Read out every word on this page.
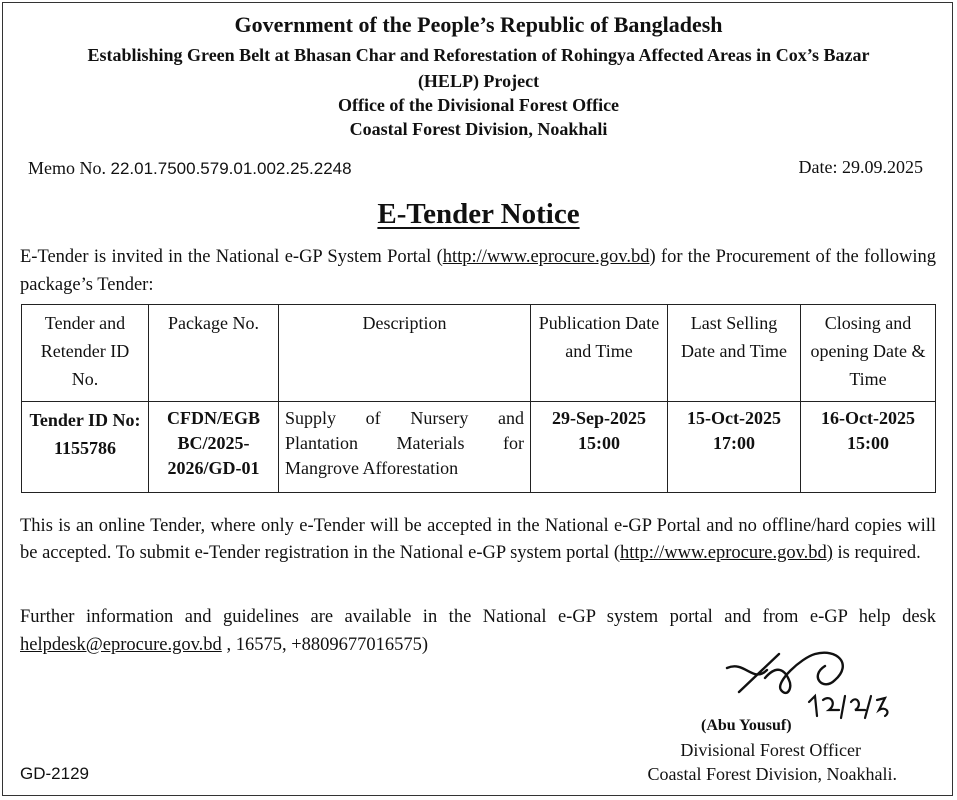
Government of the People’s Republic of Bangladesh
Establishing Green Belt at Bhasan Char and Reforestation of Rohingya Affected Areas in Cox’s Bazar
(HELP) Project
Office of the Divisional Forest Office
Coastal Forest Division, Noakhali
Memo No. 22.01.7500.579.01.002.25.2248	Date: 29.09.2025
E-Tender Notice
E-Tender is invited in the National e-GP System Portal (http://www.eprocure.gov.bd) for the Procurement of the following package’s Tender:
Tender and Retender ID No.	Package No.	Description	Publication Date and Time	Last Selling Date and Time	Closing and opening Date & Time
Tender ID No: 1155786	CFDN/EGB BC/2025-2026/GD-01	Supply of Nursery and Plantation Materials for Mangrove Afforestation	29-Sep-2025 15:00	15-Oct-2025 17:00	16-Oct-2025 15:00
This is an online Tender, where only e-Tender will be accepted in the National e-GP Portal and no offline/hard copies will be accepted. To submit e-Tender registration in the National e-GP system portal (http://www.eprocure.gov.bd) is required.
Further information and guidelines are available in the National e-GP system portal and from e-GP help desk helpdesk@eprocure.gov.bd , 16575, +8809677016575)
(Abu Yousuf)
Divisional Forest Officer
Coastal Forest Division, Noakhali.
GD-2129
